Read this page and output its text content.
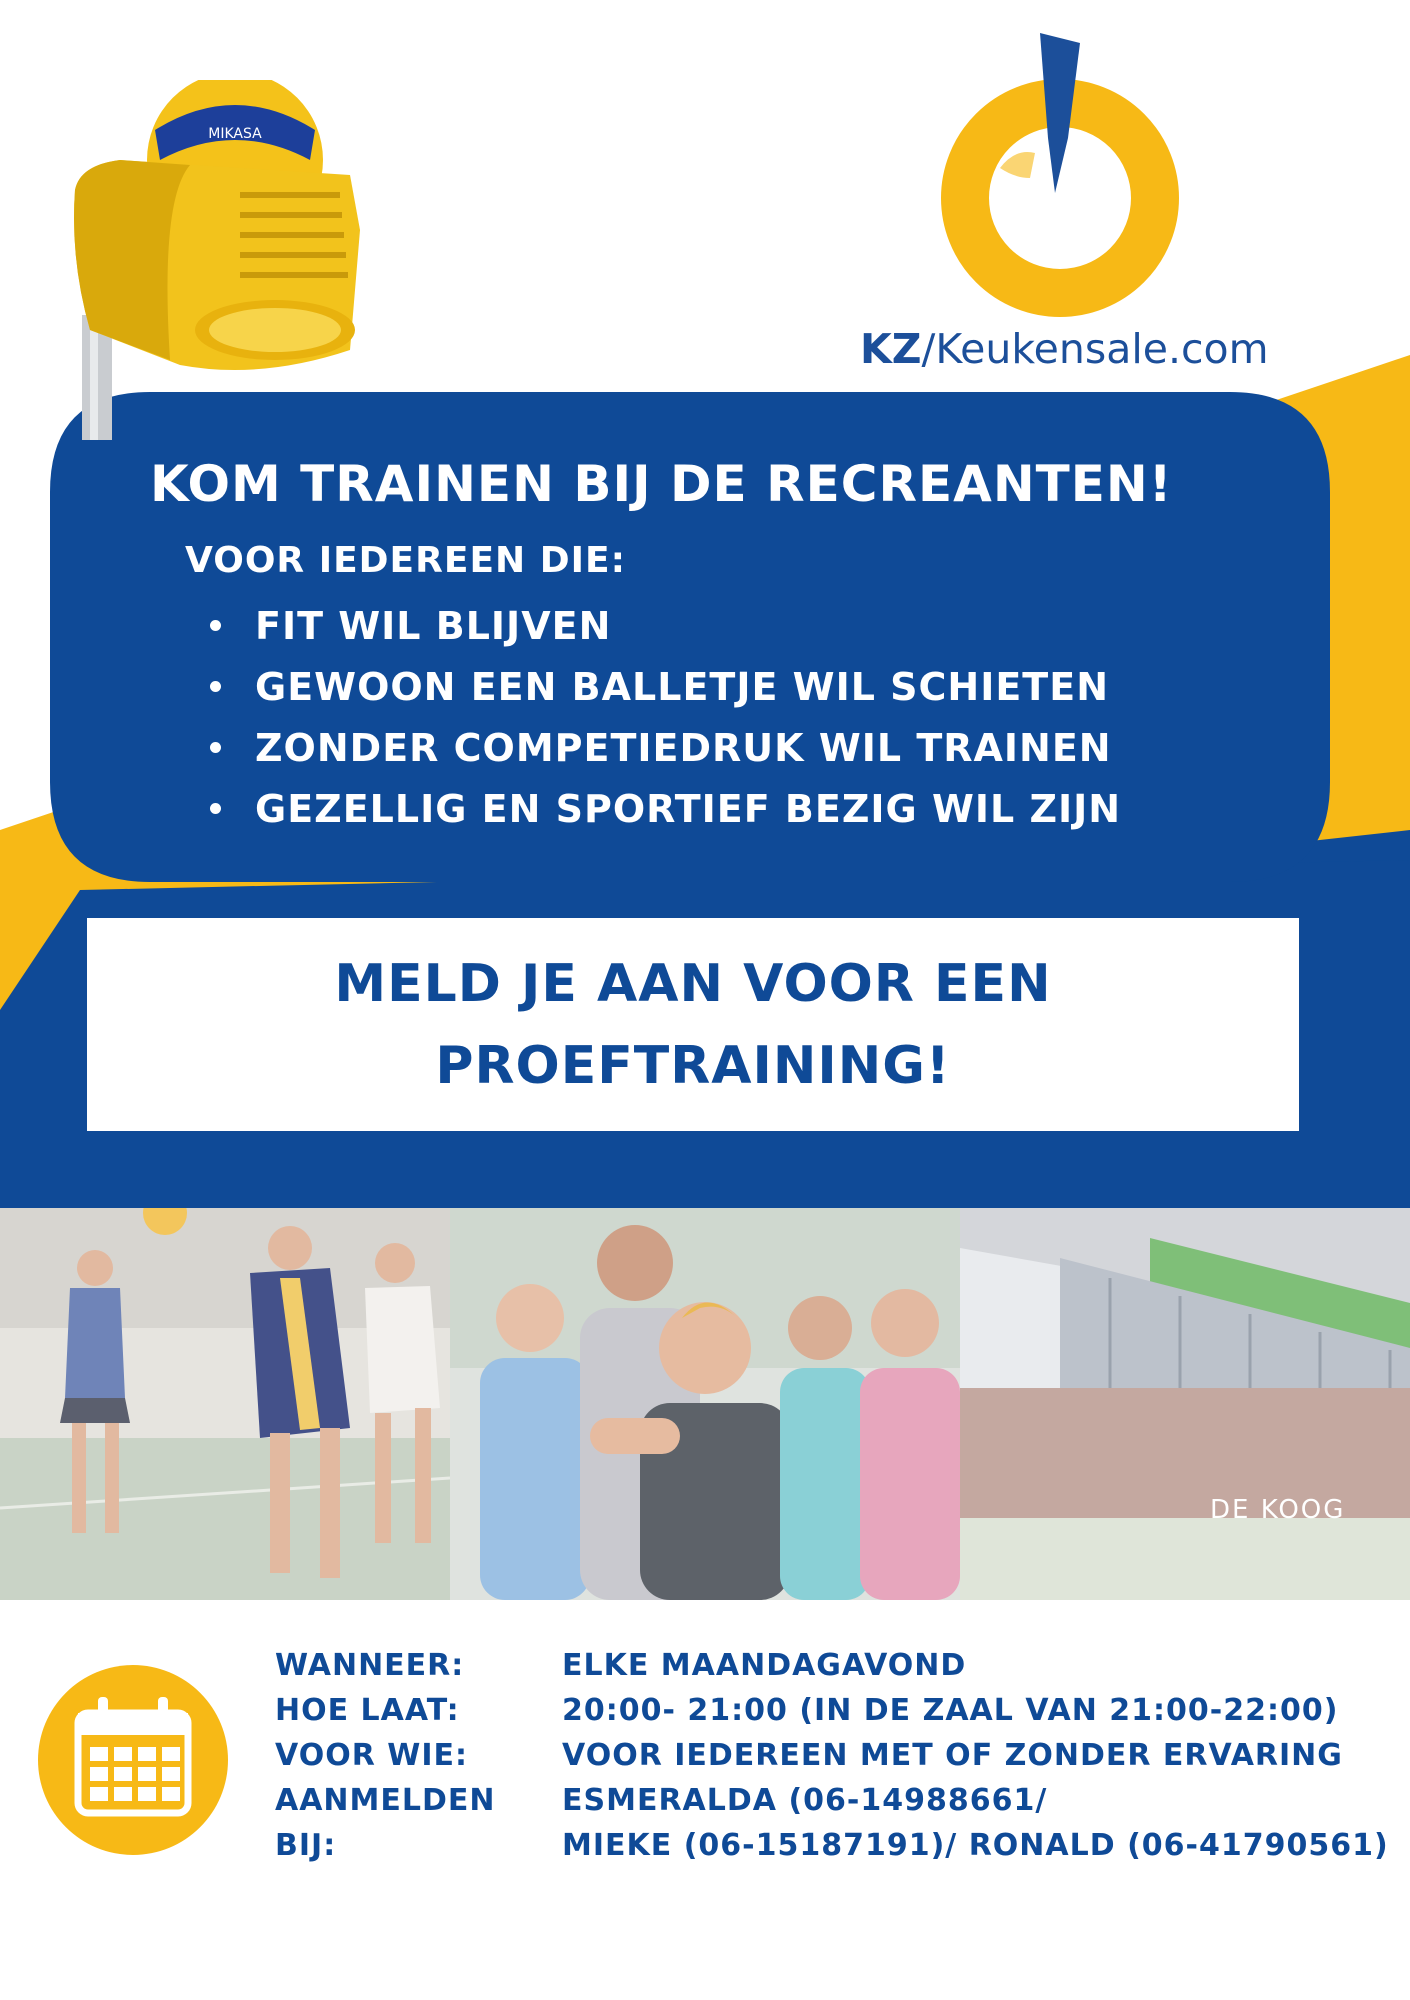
MIKASA
KZ/Keukensale.com
KOM TRAINEN BIJ DE RECREANTEN!
VOOR IEDEREEN DIE:
FIT WIL BLIJVEN
GEWOON EEN BALLETJE WIL SCHIETEN
ZONDER COMPETIEDRUK WIL TRAINEN
GEZELLIG EN SPORTIEF BEZIG WIL ZIJN
MELD JE AAN VOOR EEN
PROEFTRAINING!
DE KOOG
WANNEER:
HOE LAAT:
VOOR WIE:
AANMELDEN
BIJ:
ELKE MAANDAGAVOND
20:00- 21:00 (IN DE ZAAL VAN 21:00-22:00)
VOOR IEDEREEN MET OF ZONDER ERVARING
ESMERALDA (06-14988661/
MIEKE (06-15187191)/ RONALD (06-41790561)
